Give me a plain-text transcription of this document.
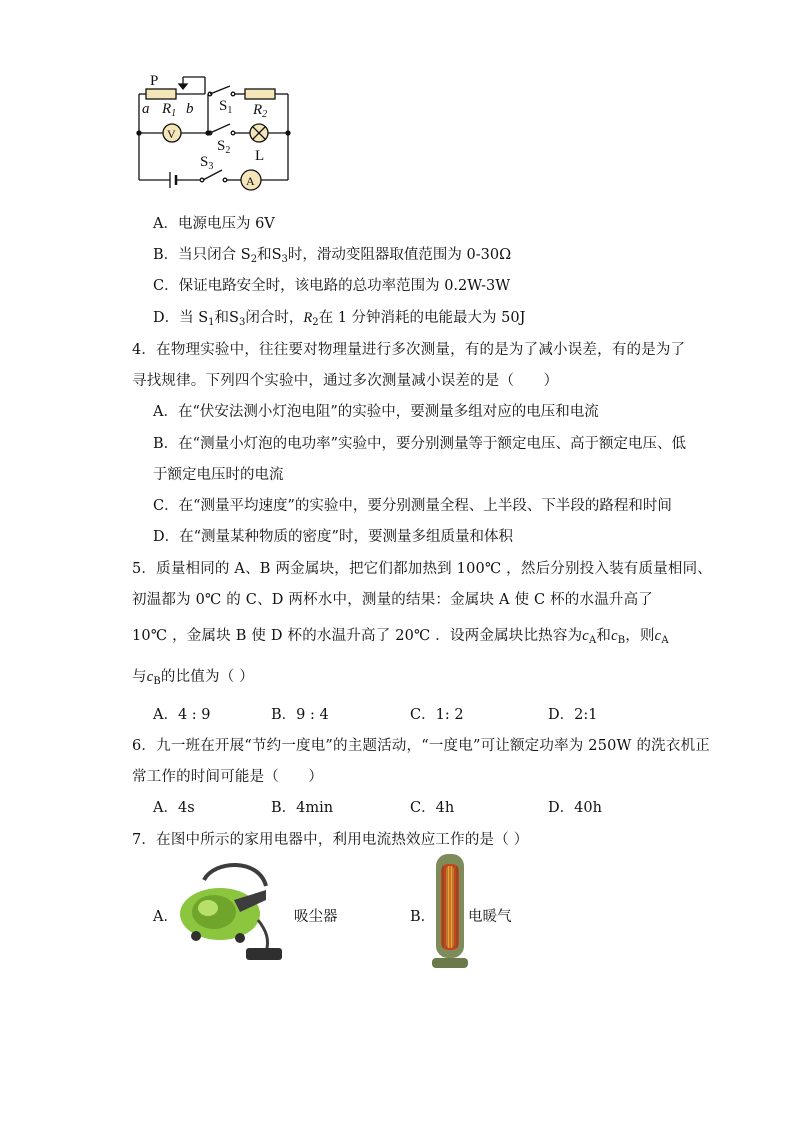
P
a $R_1$ b $S_1$ $R_2$
V
$S_2$ L
$S_3$
A
A．电源电压为 6V
B．当只闭合 $S_2$和$S_3$时，滑动变阻器取值范围为 0-30Ω
C．保证电路安全时，该电路的总功率范围为 0.2W-3W
D．当 $S_1$和$S_3$闭合时，$R_2$在 1 分钟消耗的电能最大为 50J
4．在物理实验中，往往要对物理量进行多次测量，有的是为了减小误差，有的是为了
寻找规律。下列四个实验中，通过多次测量减小误差的是（　　）
A．在“伏安法测小灯泡电阻”的实验中，要测量多组对应的电压和电流
B．在“测量小灯泡的电功率”实验中，要分别测量等于额定电压、高于额定电压、低
于额定电压时的电流
C．在“测量平均速度”的实验中，要分别测量全程、上半段、下半段的路程和时间
D．在“测量某种物质的密度”时，要测量多组质量和体积
5．质量相同的 A、B 两金属块，把它们都加热到 100℃ ，然后分别投入装有质量相同、
初温都为 0℃ 的 C、D 两杯水中，测量的结果：金属块 A 使 C 杯的水温升高了
10℃ ，金属块 B 使 D 杯的水温升高了 20℃ ．设两金属块比热容为$c_A$和$c_B$，则$c_A$
与$c_B$的比值为（ ）
A．4 : 9	B．9 : 4	C．1: 2	D．2:1
6．九一班在开展“节约一度电”的主题活动，“一度电”可让额定功率为 250W 的洗衣机正
常工作的时间可能是（　　）
A．4s	B．4min	C．4h	D．40h
7．在图中所示的家用电器中，利用电流热效应工作的是（ ）
A．	吸尘器	B． 电暖气
